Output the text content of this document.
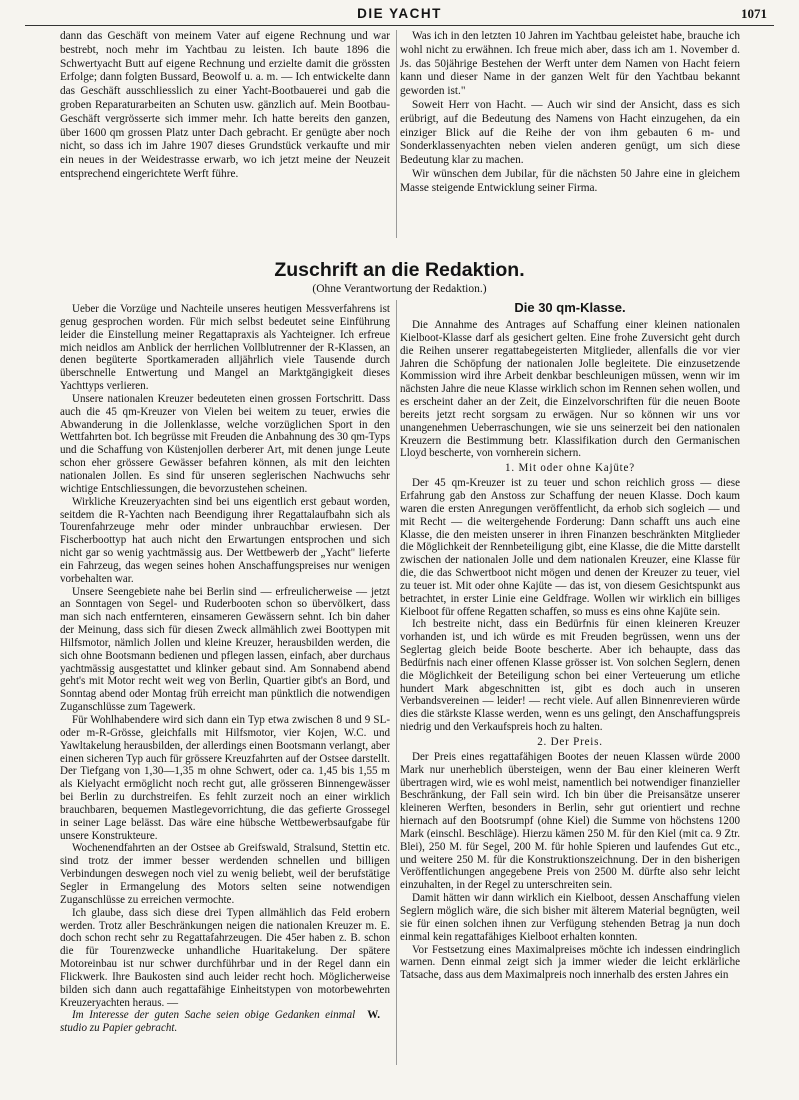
DIE YACHT	1071

dann das Geschäft von meinem Vater auf eigene Rechnung und war bestrebt, noch mehr im Yachtbau zu leisten. Ich baute 1896 die Schwertyacht Butt auf eigene Rechnung und erzielte damit die grössten Erfolge; dann folgten Bussard, Beowolf u. a. m. — Ich entwickelte dann das Geschäft ausschliesslich zu einer Yacht-Bootbauerei und gab die groben Reparaturarbeiten an Schuten usw. gänzlich auf. Mein Bootbau-Geschäft vergrösserte sich immer mehr. Ich hatte bereits den ganzen, über 1600 qm grossen Platz unter Dach gebracht. Er genügte aber noch nicht, so dass ich im Jahre 1907 dieses Grundstück verkaufte und mir ein neues in der Weidestrasse erwarb, wo ich jetzt meine der Neuzeit entsprechend eingerichtete Werft führe.

Was ich in den letzten 10 Jahren im Yachtbau geleistet habe, brauche ich wohl nicht zu erwähnen. Ich freue mich aber, dass ich am 1. November d. Js. das 50jährige Bestehen der Werft unter dem Namen von Hacht feiern kann und dieser Name in der ganzen Welt für den Yachtbau bekannt geworden ist."

Soweit Herr von Hacht. — Auch wir sind der Ansicht, dass es sich erübrigt, auf die Bedeutung des Namens von Hacht einzugehen, da ein einziger Blick auf die Reihe der von ihm gebauten 6 m- und Sonderklassenyachten neben vielen anderen genügt, um sich diese Bedeutung klar zu machen.

Wir wünschen dem Jubilar, für die nächsten 50 Jahre eine in gleichem Masse steigende Entwicklung seiner Firma.

Zuschrift an die Redaktion.
(Ohne Verantwortung der Redaktion.)

Ueber die Vorzüge und Nachteile unseres heutigen Messverfahrens ist genug gesprochen worden. Für mich selbst bedeutet seine Einführung leider die Einstellung meiner Regattapraxis als Yachteigner. Ich erfreue mich neidlos am Anblick der herrlichen Vollblutrenner der R-Klassen, an denen begüterte Sportkameraden alljährlich viele Tausende durch überschnelle Entwertung und Mangel an Marktgängigkeit dieses Yachttyps verlieren.

Unsere nationalen Kreuzer bedeuteten einen grossen Fortschritt. Dass auch die 45 qm-Kreuzer von Vielen bei weitem zu teuer, erwies die Abwanderung in die Jollenklasse, welche vorzüglichen Sport in den Wettfahrten bot. Ich begrüsse mit Freuden die Anbahnung des 30 qm-Typs und die Schaffung von Küstenjollen derberer Art, mit denen junge Leute schon eher grössere Gewässer befahren können, als mit den leichten nationalen Jollen. Es sind für unseren seglerischen Nachwuchs sehr wichtige Entschliessungen, die bevorzustehen scheinen.

Wirkliche Kreuzeryachten sind bei uns eigentlich erst gebaut worden, seitdem die R-Yachten nach Beendigung ihrer Regattalaufbahn sich als Tourenfahrzeuge mehr oder minder unbrauchbar erwiesen. Der Fischerboottyp hat auch nicht den Erwartungen entsprochen und sich nicht gar so wenig yachtmässig aus. Der Wettbewerb der „Yacht" lieferte ein Fahrzeug, das wegen seines hohen Anschaffungspreises nur wenigen vorbehalten war.

Unsere Seengebiete nahe bei Berlin sind — erfreulicherweise — jetzt an Sonntagen von Segel- und Ruderbooten schon so übervölkert, dass man sich nach entfernteren, einsameren Gewässern sehnt. Ich bin daher der Meinung, dass sich für diesen Zweck allmählich zwei Boottypen mit Hilfsmotor, nämlich Jollen und kleine Kreuzer, herausbilden werden, die sich ohne Bootsmann bedienen und pflegen lassen, einfach, aber durchaus yachtmässig ausgestattet und klinker gebaut sind. Am Sonnabend abend geht's mit Motor recht weit weg von Berlin, Quartier gibt's an Bord, und Sonntag abend oder Montag früh erreicht man pünktlich die notwendigen Zuganschlüsse zum Tagewerk.

Für Wohlhabendere wird sich dann ein Typ etwa zwischen 8 und 9 SL- oder m-R-Grösse, gleichfalls mit Hilfsmotor, vier Kojen, W.C. und Yawltakelung herausbilden, der allerdings einen Bootsmann verlangt, aber einen sicheren Typ auch für grössere Kreuzfahrten auf der Ostsee darstellt. Der Tiefgang von 1,30—1,35 m ohne Schwert, oder ca. 1,45 bis 1,55 m als Kielyacht ermöglicht noch recht gut, alle grösseren Binnengewässer bei Berlin zu durchstreifen. Es fehlt zurzeit noch an einer wirklich brauchbaren, bequemen Mastlegevorrichtung, die das gefierte Grossegel in seiner Lage belässt. Das wäre eine hübsche Wettbewerbsaufgabe für unsere Konstrukteure.

Wochenendfahrten an der Ostsee ab Greifswald, Stralsund, Stettin etc. sind trotz der immer besser werdenden schnellen und billigen Verbindungen deswegen noch viel zu wenig beliebt, weil der berufstätige Segler in Ermangelung des Motors selten seine notwendigen Zuganschlüsse zu erreichen vermochte.

Ich glaube, dass sich diese drei Typen allmählich das Feld erobern werden. Trotz aller Beschränkungen neigen die nationalen Kreuzer m. E. doch schon recht sehr zu Regattafahrzeugen. Die 45er haben z. B. schon die für Tourenzwecke unhandliche Huaritakelung. Der spätere Motoreinbau ist nur schwer durchführbar und in der Regel dann ein Flickwerk. Ihre Baukosten sind auch leider recht hoch. Möglicherweise bilden sich dann auch regattafähige Einheitstypen von motorbewehrten Kreuzeryachten heraus. —

Im Interesse der guten Sache seien obige Gedanken einmal studio zu Papier gebracht.
W.

Die 30 qm-Klasse.

Die Annahme des Antrages auf Schaffung einer kleinen nationalen Kielboot-Klasse darf als gesichert gelten. Eine frohe Zuversicht geht durch die Reihen unserer regattabegeisterten Mitglieder, allenfalls die vor vier Jahren die Schöpfung der nationalen Jolle begleitete. Die einzusetzende Kommission wird ihre Arbeit denkbar beschleunigen müssen, wenn wir im nächsten Jahre die neue Klasse wirklich schon im Rennen sehen wollen, und es erscheint daher an der Zeit, die Einzelvorschriften für die neuen Boote bereits jetzt recht sorgsam zu erwägen. Nur so können wir uns vor unangenehmen Ueberraschungen, wie sie uns seinerzeit bei den nationalen Kreuzern die Bestimmung betr. Klassifikation durch den Germanischen Lloyd bescherte, von vornherein sichern.

1. Mit oder ohne Kajüte?

Der 45 qm-Kreuzer ist zu teuer und schon reichlich gross — diese Erfahrung gab den Anstoss zur Schaffung der neuen Klasse. Doch kaum waren die ersten Anregungen veröffentlicht, da erhob sich sogleich — und mit Recht — die weitergehende Forderung: Dann schafft uns auch eine Klasse, die den meisten unserer in ihren Finanzen beschränkten Mitglieder die Möglichkeit der Rennbeteiligung gibt, eine Klasse, die die Mitte darstellt zwischen der nationalen Jolle und dem nationalen Kreuzer, eine Klasse für die, die das Schwertboot nicht mögen und denen der Kreuzer zu teuer, viel zu teuer ist. Mit oder ohne Kajüte — das ist, von diesem Gesichtspunkt aus betrachtet, in erster Linie eine Geldfrage. Wollen wir wirklich ein billiges Kielboot für offene Regatten schaffen, so muss es eins ohne Kajüte sein.

Ich bestreite nicht, dass ein Bedürfnis für einen kleineren Kreuzer vorhanden ist, und ich würde es mit Freuden begrüssen, wenn uns der Seglertag gleich beide Boote bescherte. Aber ich behaupte, dass das Bedürfnis nach einer offenen Klasse grösser ist. Von solchen Seglern, denen die Möglichkeit der Beteiligung schon bei einer Verteuerung um etliche hundert Mark abgeschnitten ist, gibt es doch auch in unseren Verbandsvereinen — leider! — recht viele. Auf allen Binnenrevieren würde dies die stärkste Klasse werden, wenn es uns gelingt, den Anschaffungspreis niedrig und den Verkaufspreis hoch zu halten.

2. Der Preis.

Der Preis eines regattafähigen Bootes der neuen Klassen würde 2000 Mark nur unerheblich übersteigen, wenn der Bau einer kleineren Werft übertragen wird, wie es wohl meist, namentlich bei notwendiger finanzieller Beschränkung, der Fall sein wird. Ich bin über die Preisansätze unserer kleineren Werften, besonders in Berlin, sehr gut orientiert und rechne hiernach auf den Bootsrumpf (ohne Kiel) die Summe von höchstens 1200 Mark (einschl. Beschläge). Hierzu kämen 250 M. für den Kiel (mit ca. 9 Ztr. Blei), 250 M. für Segel, 200 M. für hohle Spieren und laufendes Gut etc., und weitere 250 M. für die Konstruktionszeichnung. Der in den bisherigen Veröffentlichungen angegebene Preis von 2500 M. dürfte also sehr leicht einzuhalten, in der Regel zu unterschreiten sein.

Damit hätten wir dann wirklich ein Kielboot, dessen Anschaffung vielen Seglern möglich wäre, die sich bisher mit älterem Material begnügten, weil sie für einen solchen ihnen zur Verfügung stehenden Betrag ja nun doch einmal kein regattafähiges Kielboot erhalten konnten.

Vor Festsetzung eines Maximalpreises möchte ich indessen eindringlich warnen. Denn einmal zeigt sich ja immer wieder die leicht erklärliche Tatsache, dass aus dem Maximalpreis noch innerhalb des ersten Jahres ein
